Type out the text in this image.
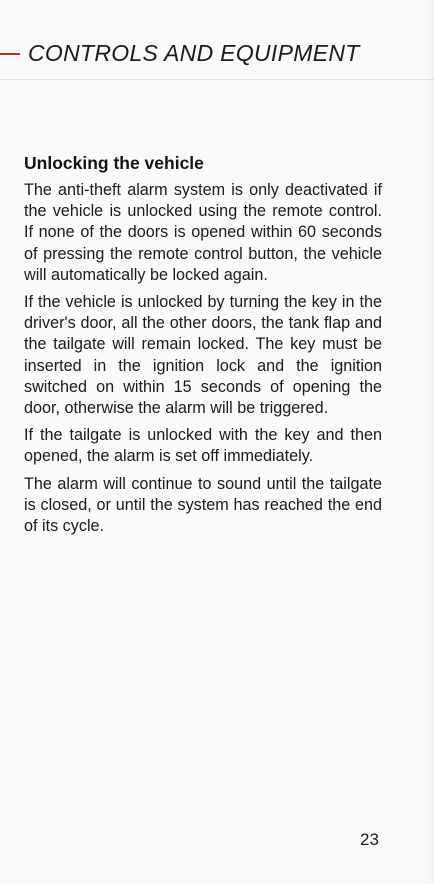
CONTROLS AND EQUIPMENT
Unlocking the vehicle

The anti-theft alarm system is only deactivated if the vehicle is unlocked using the remote control. If none of the doors is opened within 60 seconds of pressing the remote control button, the vehicle will automatically be locked again.

If the vehicle is unlocked by turning the key in the driver's door, all the other doors, the tank flap and the tailgate will remain locked. The key must be inserted in the ignition lock and the ignition switched on within 15 seconds of opening the door, otherwise the alarm will be triggered.

If the tailgate is unlocked with the key and then opened, the alarm is set off immediately.

The alarm will continue to sound until the tailgate is closed, or until the system has reached the end of its cycle.

23
